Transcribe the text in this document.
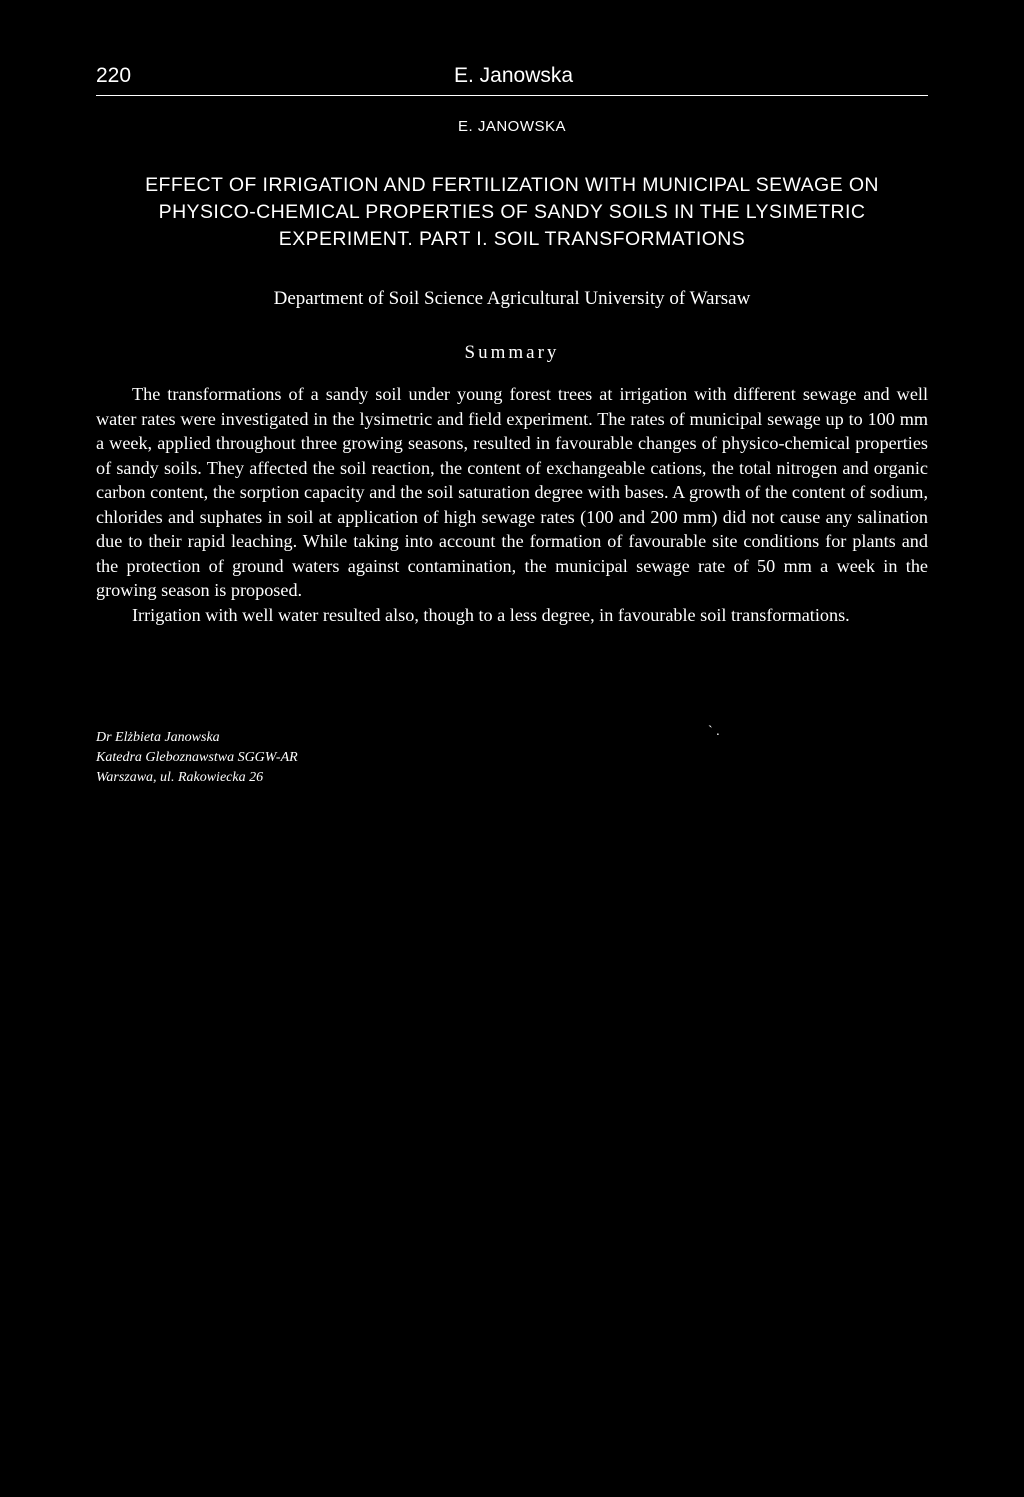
220	E. Janowska
E. JANOWSKA
EFFECT OF IRRIGATION AND FERTILIZATION WITH MUNICIPAL SEWAGE ON PHYSICO-CHEMICAL PROPERTIES OF SANDY SOILS IN THE LYSIMETRIC EXPERIMENT. PART I. SOIL TRANSFORMATIONS
Department of Soil Science Agricultural University of Warsaw
Summary

The transformations of a sandy soil under young forest trees at irrigation with different sewage and well water rates were investigated in the lysimetric and field experiment. The rates of municipal sewage up to 100 mm a week, applied throughout three growing seasons, resulted in favourable changes of physico-chemical properties of sandy soils. They affected the soil reaction, the content of exchangeable cations, the total nitrogen and organic carbon content, the sorption capacity and the soil saturation degree with bases. A growth of the content of sodium, chlorides and suphates in soil at application of high sewage rates (100 and 200 mm) did not cause any salination due to their rapid leaching. While taking into account the formation of favourable site conditions for plants and the protection of ground waters against contamination, the municipal sewage rate of 50 mm a week in the growing season is proposed.

Irrigation with well water resulted also, though to a less degree, in favourable soil transformations.

Dr Elżbieta Janowska
Katedra Gleboznawstwa SGGW-AR
Warszawa, ul. Rakowiecka 26
` .
